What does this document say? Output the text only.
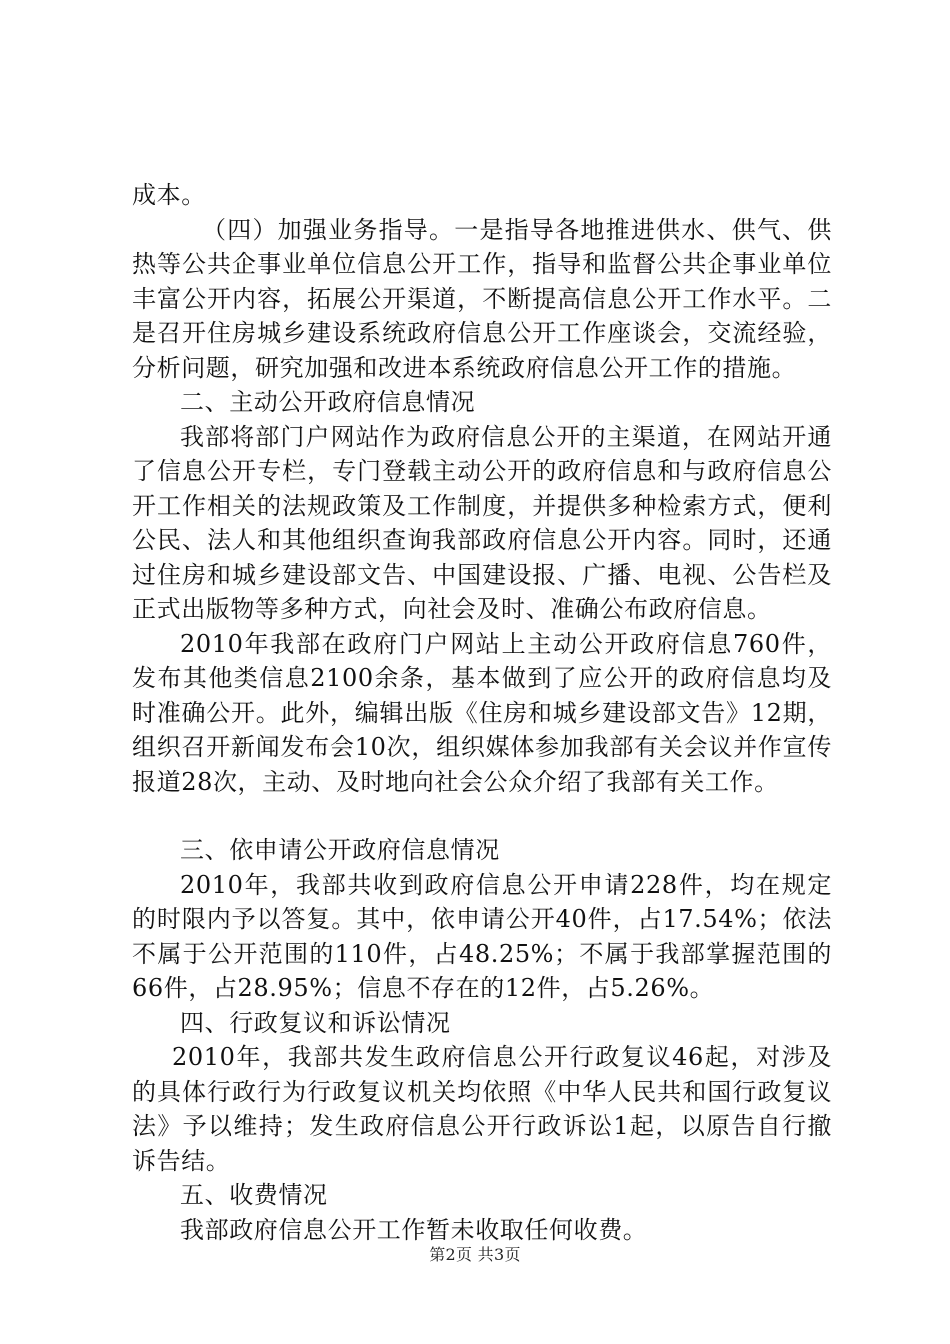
成本。

（四）加强业务指导。一是指导各地推进供水、供气、供热等公共企事业单位信息公开工作，指导和监督公共企事业单位丰富公开内容，拓展公开渠道，不断提高信息公开工作水平。二是召开住房城乡建设系统政府信息公开工作座谈会，交流经验，分析问题，研究加强和改进本系统政府信息公开工作的措施。

二、主动公开政府信息情况

我部将部门户网站作为政府信息公开的主渠道，在网站开通了信息公开专栏，专门登载主动公开的政府信息和与政府信息公开工作相关的法规政策及工作制度，并提供多种检索方式，便利公民、法人和其他组织查询我部政府信息公开内容。同时，还通过住房和城乡建设部文告、中国建设报、广播、电视、公告栏及正式出版物等多种方式，向社会及时、准确公布政府信息。

2010年我部在政府门户网站上主动公开政府信息760件，发布其他类信息2100余条，基本做到了应公开的政府信息均及时准确公开。此外，编辑出版《住房和城乡建设部文告》12期，组织召开新闻发布会10次，组织媒体参加我部有关会议并作宣传报道28次，主动、及时地向社会公众介绍了我部有关工作。

三、依申请公开政府信息情况

2010年，我部共收到政府信息公开申请228件，均在规定的时限内予以答复。其中，依申请公开40件，占17.54%；依法不属于公开范围的110件，占48.25%；不属于我部掌握范围的66件，占28.95%；信息不存在的12件，占5.26%。

四、行政复议和诉讼情况

2010年，我部共发生政府信息公开行政复议46起，对涉及的具体行政行为行政复议机关均依照《中华人民共和国行政复议法》予以维持；发生政府信息公开行政诉讼1起，以原告自行撤诉告结。

五、收费情况

我部政府信息公开工作暂未收取任何收费。

第2页 共3页
